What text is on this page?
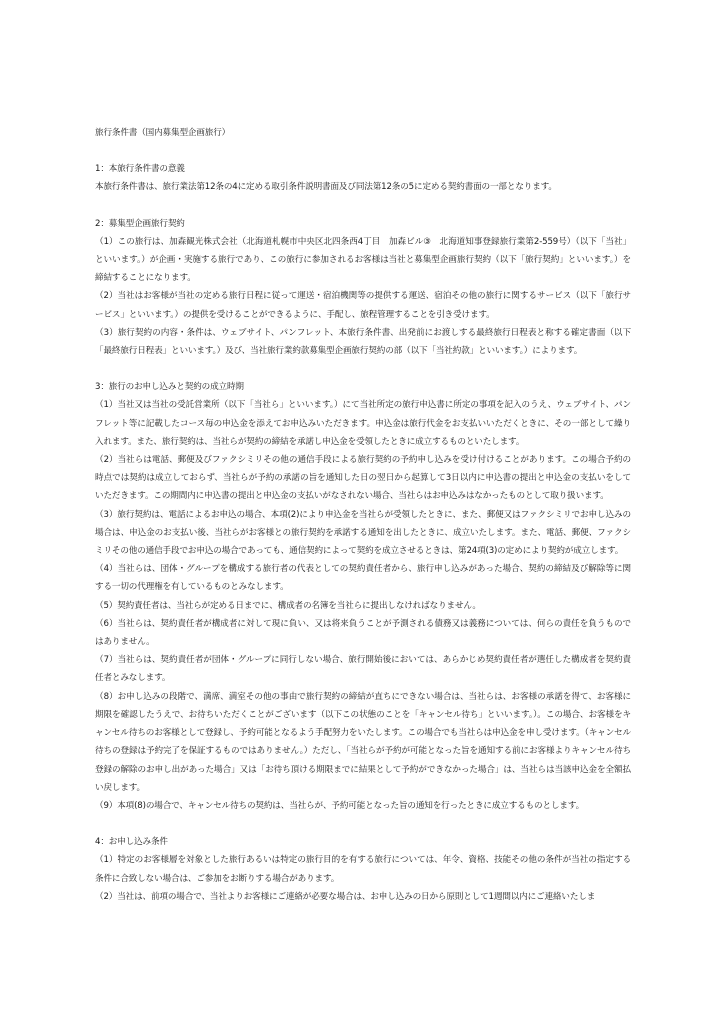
旅行条件書（国内募集型企画旅行）

1：本旅行条件書の意義

本旅行条件書は、旅行業法第12条の4に定める取引条件説明書面及び同法第12条の5に定める契約書面の一部となります。

2：募集型企画旅行契約

（1）この旅行は、加森観光株式会社（北海道札幌市中央区北四条西4丁目　加森ビル③　北海道知事登録旅行業第2-559号）（以下「当社」といいます。）が企画・実施する旅行であり、この旅行に参加されるお客様は当社と募集型企画旅行契約（以下「旅行契約」といいます。）を締結することになります。

（2）当社はお客様が当社の定める旅行日程に従って運送・宿泊機関等の提供する運送、宿泊その他の旅行に関するサービス（以下「旅行サービス」といいます。）の提供を受けることができるように、手配し、旅程管理することを引き受けます。

（3）旅行契約の内容・条件は、ウェブサイト、パンフレット、本旅行条件書、出発前にお渡しする最終旅行日程表と称する確定書面（以下「最終旅行日程表」といいます。）及び、当社旅行業約款募集型企画旅行契約の部（以下「当社約款」といいます。）によります。

3：旅行のお申し込みと契約の成立時期

（1）当社又は当社の受託営業所（以下「当社ら」といいます。）にて当社所定の旅行申込書に所定の事項を記入のうえ、ウェブサイト、パンフレット等に記載したコース毎の申込金を添えてお申込みいただきます。申込金は旅行代金をお支払いいただくときに、その一部として繰り入れます。また、旅行契約は、当社らが契約の締結を承諾し申込金を受領したときに成立するものといたします。

（2）当社らは電話、郵便及びファクシミリその他の通信手段による旅行契約の予約申し込みを受け付けることがあります。この場合予約の時点では契約は成立しておらず、当社らが予約の承諾の旨を通知した日の翌日から起算して3日以内に申込書の提出と申込金の支払いをしていただきます。この期間内に申込書の提出と申込金の支払いがなされない場合、当社らはお申込みはなかったものとして取り扱います。

（3）旅行契約は、電話によるお申込の場合、本項(2)により申込金を当社らが受領したときに、また、郵便又はファクシミリでお申し込みの場合は、申込金のお支払い後、当社らがお客様との旅行契約を承諾する通知を出したときに、成立いたします。また、電話、郵便、ファクシミリその他の通信手段でお申込の場合であっても、通信契約によって契約を成立させるときは、第24項(3)の定めにより契約が成立します。

（4）当社らは、団体・グループを構成する旅行者の代表としての契約責任者から、旅行申し込みがあった場合、契約の締結及び解除等に関する一切の代理権を有しているものとみなします。

（5）契約責任者は、当社らが定める日までに、構成者の名簿を当社らに提出しなければなりません。

（6）当社らは、契約責任者が構成者に対して現に負い、又は将来負うことが予測される債務又は義務については、何らの責任を負うものではありません。

（7）当社らは、契約責任者が団体・グループに同行しない場合、旅行開始後においては、あらかじめ契約責任者が選任した構成者を契約責任者とみなします。

（8）お申し込みの段階で、満席、満室その他の事由で旅行契約の締結が直ちにできない場合は、当社らは、お客様の承諾を得て、お客様に期限を確認したうえで、お待ちいただくことがございます（以下この状態のことを「キャンセル待ち」といいます。）。この場合、お客様をキャンセル待ちのお客様として登録し、予約可能となるよう手配努力をいたします。この場合でも当社らは申込金を申し受けます。（キャンセル待ちの登録は予約完了を保証するものではありません。）ただし、「当社らが予約が可能となった旨を通知する前にお客様よりキャンセル待ち登録の解除のお申し出があった場合」又は「お待ち頂ける期限までに結果として予約ができなかった場合」は、当社らは当該申込金を全額払い戻します。

（9）本項(8)の場合で、キャンセル待ちの契約は、当社らが、予約可能となった旨の通知を行ったときに成立するものとします。

4：お申し込み条件

（1）特定のお客様層を対象とした旅行あるいは特定の旅行目的を有する旅行については、年令、資格、技能その他の条件が当社の指定する条件に合致しない場合は、ご参加をお断りする場合があります。

（2）当社は、前項の場合で、当社よりお客様にご連絡が必要な場合は、お申し込みの日から原則として1週間以内にご連絡いたしま
